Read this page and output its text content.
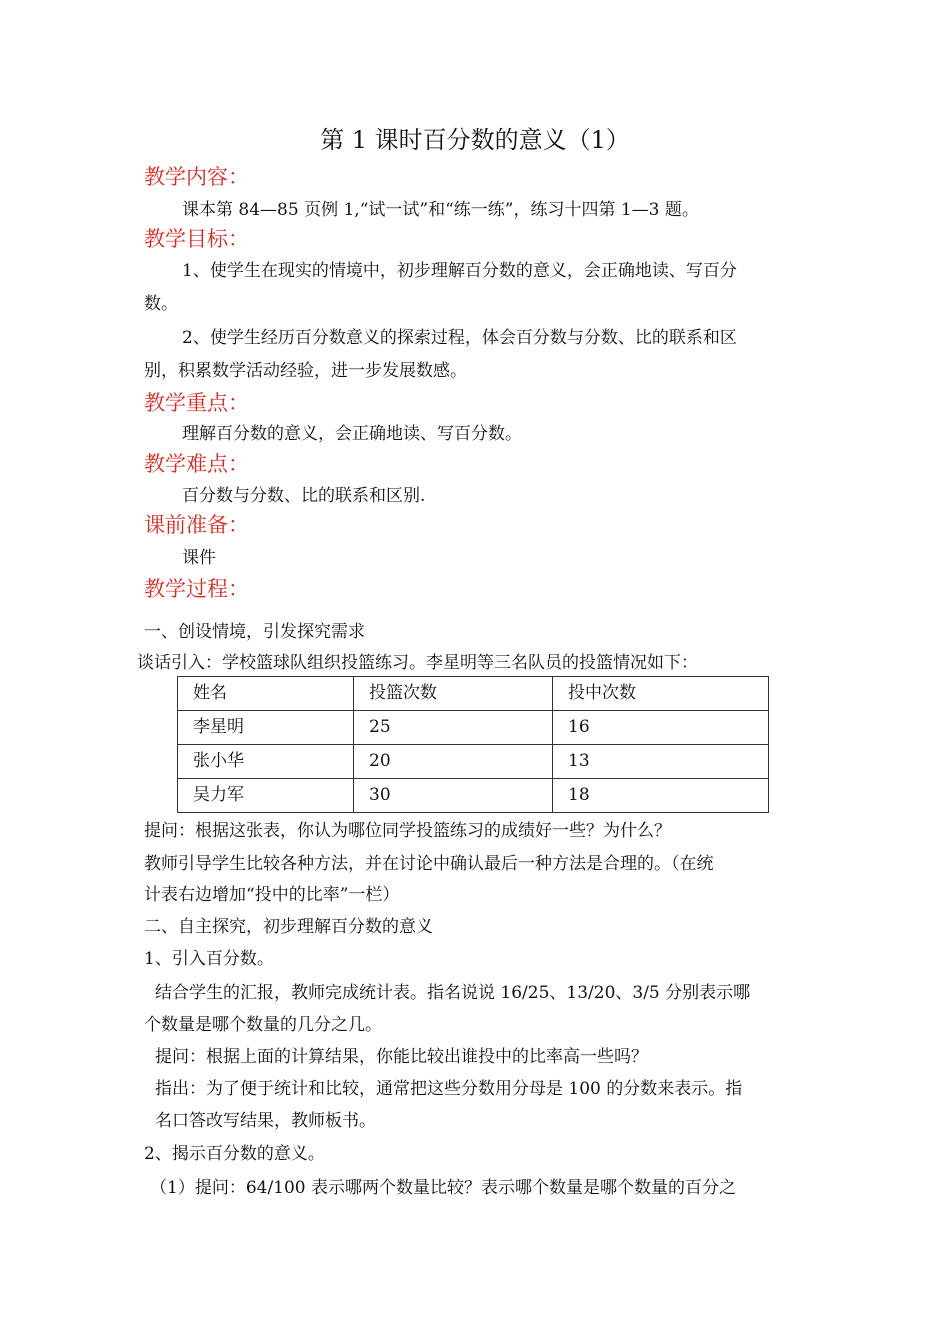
第 1 课时百分数的意义（1）
教学内容：
课本第 84—85 页例 1,“试一试”和“练一练”，练习十四第 1—3 题。
教学目标：
1、使学生在现实的情境中，初步理解百分数的意义，会正确地读、写百分
数。
2、使学生经历百分数意义的探索过程，体会百分数与分数、比的联系和区
别，积累数学活动经验，进一步发展数感。
教学重点：
理解百分数的意义，会正确地读、写百分数。
教学难点：
百分数与分数、比的联系和区别.
课前准备：
课件
教学过程：
一、创设情境，引发探究需求
谈话引入：学校篮球队组织投篮练习。李星明等三名队员的投篮情况如下：
姓名	投篮次数	投中次数
李星明	25	16
张小华	20	13
吴力军	30	18
提问：根据这张表，你认为哪位同学投篮练习的成绩好一些？为什么？
教师引导学生比较各种方法，并在讨论中确认最后一种方法是合理的。（在统
计表右边增加“投中的比率”一栏）
二、自主探究，初步理解百分数的意义
1、引入百分数。
结合学生的汇报，教师完成统计表。指名说说 16/25、13/20、3/5 分别表示哪
个数量是哪个数量的几分之几。
提问：根据上面的计算结果，你能比较出谁投中的比率高一些吗？
指出：为了便于统计和比较，通常把这些分数用分母是 100 的分数来表示。指
名口答改写结果，教师板书。
2、揭示百分数的意义。
（1）提问：64/100 表示哪两个数量比较？表示哪个数量是哪个数量的百分之
